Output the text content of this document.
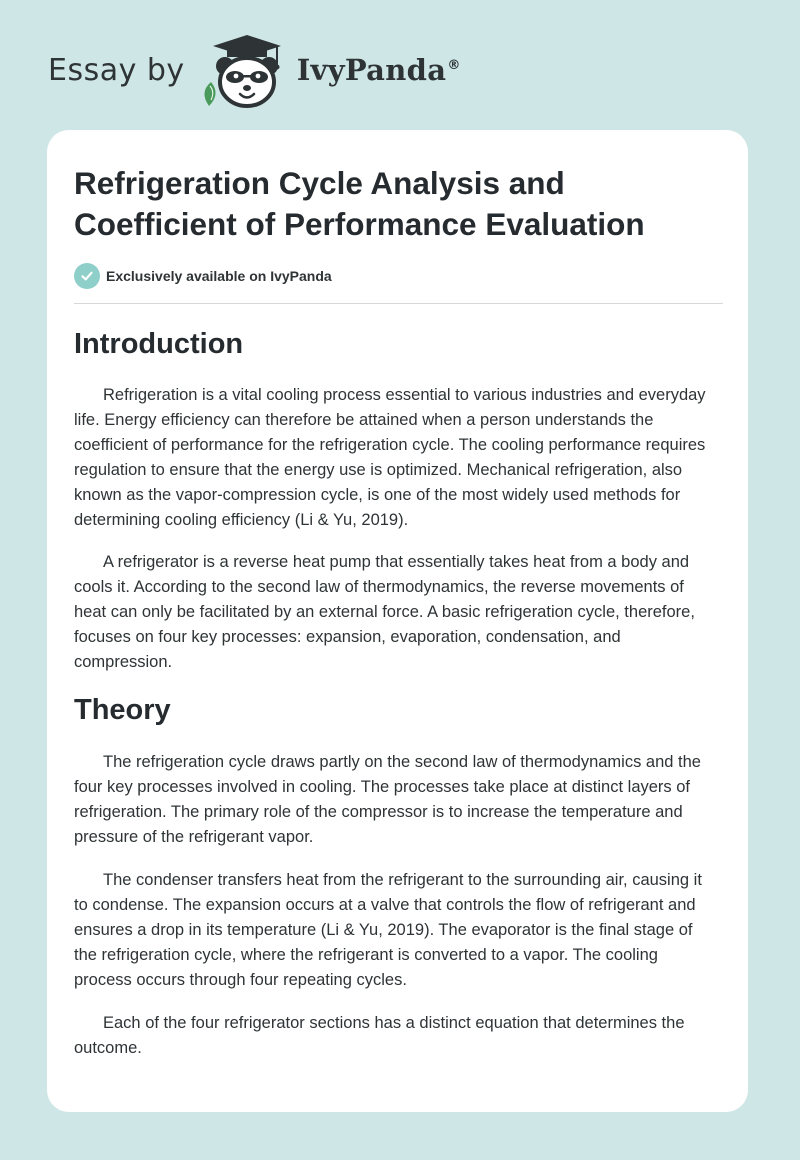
Essay by	IvyPanda®
Refrigeration Cycle Analysis and Coefficient of Performance Evaluation
Exclusively available on IvyPanda
Introduction

Refrigeration is a vital cooling process essential to various industries and everyday life. Energy efficiency can therefore be attained when a person understands the coefficient of performance for the refrigeration cycle. The cooling performance requires regulation to ensure that the energy use is optimized. Mechanical refrigeration, also known as the vapor-compression cycle, is one of the most widely used methods for determining cooling efficiency (Li & Yu, 2019).

A refrigerator is a reverse heat pump that essentially takes heat from a body and cools it. According to the second law of thermodynamics, the reverse movements of heat can only be facilitated by an external force. A basic refrigeration cycle, therefore, focuses on four key processes: expansion, evaporation, condensation, and compression.

Theory

The refrigeration cycle draws partly on the second law of thermodynamics and the four key processes involved in cooling. The processes take place at distinct layers of refrigeration. The primary role of the compressor is to increase the temperature and pressure of the refrigerant vapor.

The condenser transfers heat from the refrigerant to the surrounding air, causing it to condense. The expansion occurs at a valve that controls the flow of refrigerant and ensures a drop in its temperature (Li & Yu, 2019). The evaporator is the final stage of the refrigeration cycle, where the refrigerant is converted to a vapor. The cooling process occurs through four repeating cycles.

Each of the four refrigerator sections has a distinct equation that determines the outcome.
